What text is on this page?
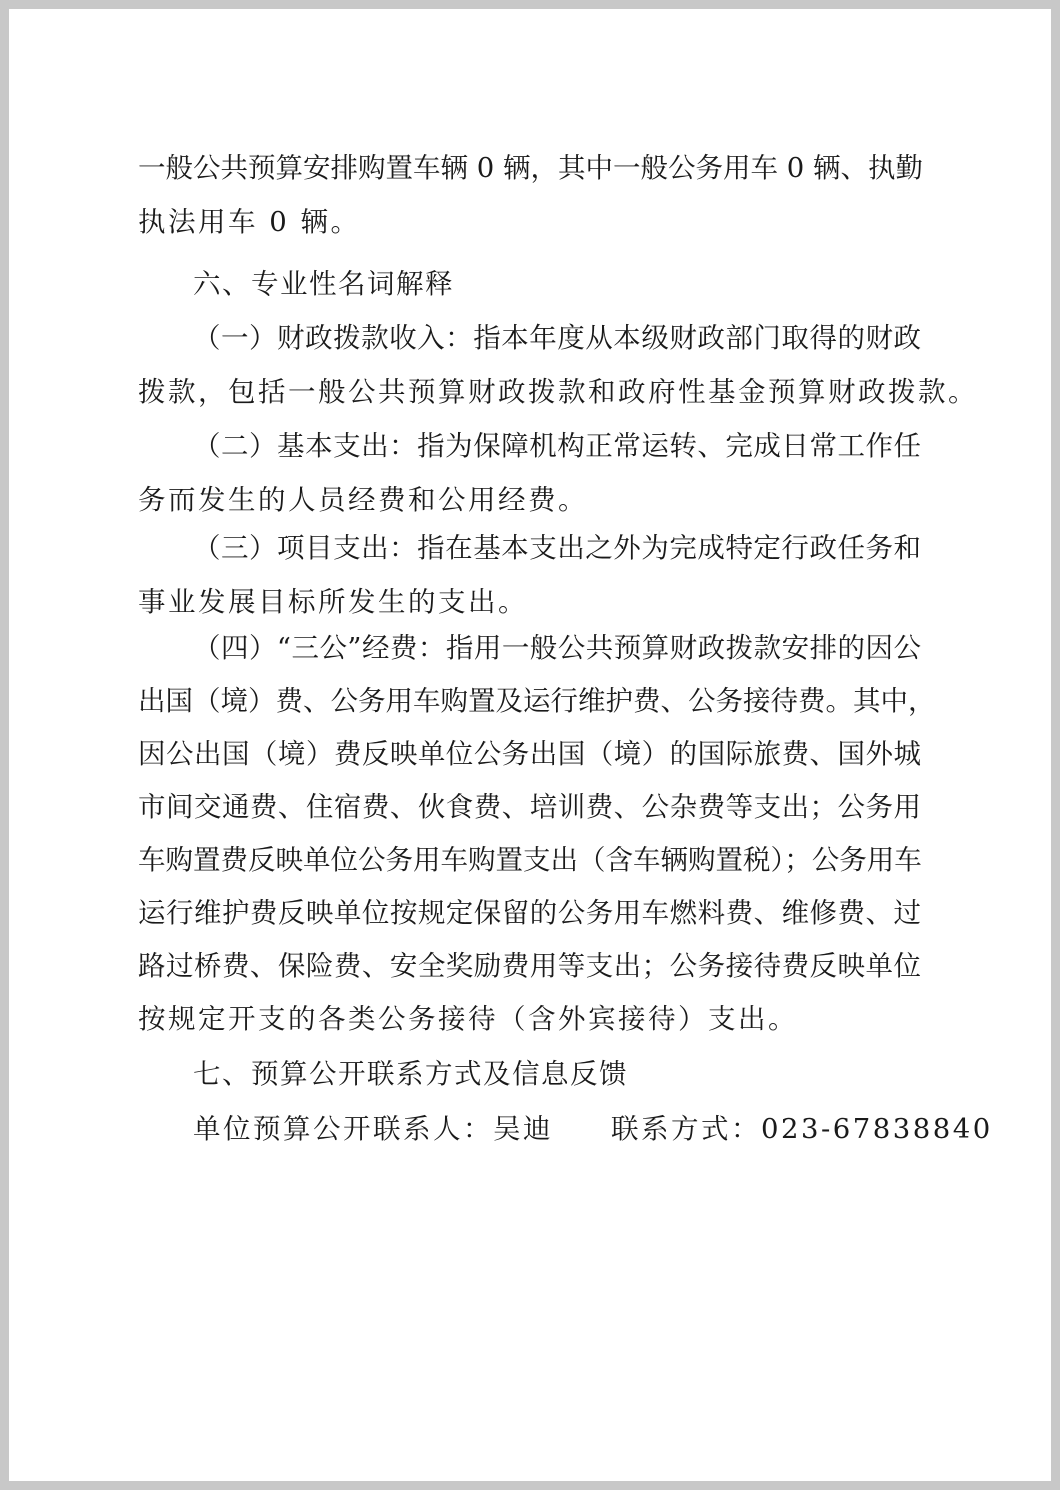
一般公共预算安排购置车辆 0 辆，其中一般公务用车 0 辆、执勤
执法用车 0 辆。
六、专业性名词解释
（一）财政拨款收入：指本年度从本级财政部门取得的财政
拨款，包括一般公共预算财政拨款和政府性基金预算财政拨款。
（二）基本支出：指为保障机构正常运转、完成日常工作任
务而发生的人员经费和公用经费。
（三）项目支出：指在基本支出之外为完成特定行政任务和
事业发展目标所发生的支出。
（四）“三公”经费：指用一般公共预算财政拨款安排的因公
出国（境）费、公务用车购置及运行维护费、公务接待费。其中，
因公出国（境）费反映单位公务出国（境）的国际旅费、国外城
市间交通费、住宿费、伙食费、培训费、公杂费等支出；公务用
车购置费反映单位公务用车购置支出（含车辆购置税）；公务用车
运行维护费反映单位按规定保留的公务用车燃料费、维修费、过
路过桥费、保险费、安全奖励费用等支出；公务接待费反映单位
按规定开支的各类公务接待（含外宾接待）支出。
七、预算公开联系方式及信息反馈
单位预算公开联系人：吴迪 联系方式：023-67838840
